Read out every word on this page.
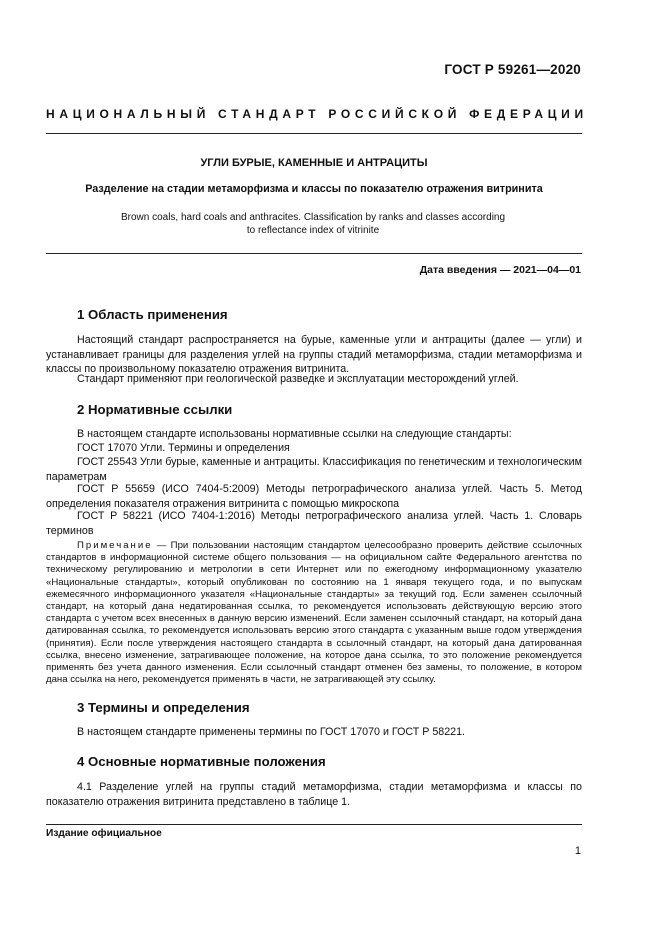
ГОСТ Р 59261—2020
НАЦИОНАЛЬНЫЙ СТАНДАРТ РОССИЙСКОЙ ФЕДЕРАЦИИ
УГЛИ БУРЫЕ, КАМЕННЫЕ И АНТРАЦИТЫ
Разделение на стадии метаморфизма и классы по показателю отражения витринита
Brown coals, hard coals and anthracites. Classification by ranks and classes according
to reflectance index of vitrinite
Дата введения — 2021—04—01
1 Область применения
Настоящий стандарт распространяется на бурые, каменные угли и антрациты (далее — угли) и устанавливает границы для разделения углей на группы стадий метаморфизма, стадии метаморфизма и классы по произвольному показателю отражения витринита.
Стандарт применяют при геологической разведке и эксплуатации месторождений углей.
2 Нормативные ссылки
В настоящем стандарте использованы нормативные ссылки на следующие стандарты:
ГОСТ 17070 Угли. Термины и определения
ГОСТ 25543 Угли бурые, каменные и антрациты. Классификация по генетическим и технологическим параметрам
ГОСТ Р 55659 (ИСО 7404-5:2009) Методы петрографического анализа углей. Часть 5. Метод определения показателя отражения витринита с помощью микроскопа
ГОСТ Р 58221 (ИСО 7404-1:2016) Методы петрографического анализа углей. Часть 1. Словарь терминов
Примечание — При пользовании настоящим стандартом целесообразно проверить действие ссылочных стандартов в информационной системе общего пользования — на официальном сайте Федерального агентства по техническому регулированию и метрологии в сети Интернет или по ежегодному информационному указателю «Национальные стандарты», который опубликован по состоянию на 1 января текущего года, и по выпускам ежемесячного информационного указателя «Национальные стандарты» за текущий год. Если заменен ссылочный стандарт, на который дана недатированная ссылка, то рекомендуется использовать действующую версию этого стандарта с учетом всех внесенных в данную версию изменений. Если заменен ссылочный стандарт, на который дана датированная ссылка, то рекомендуется использовать версию этого стандарта с указанным выше годом утверждения (принятия). Если после утверждения настоящего стандарта в ссылочный стандарт, на который дана датированная ссылка, внесено изменение, затрагивающее положение, на которое дана ссылка, то это положение рекомендуется применять без учета данного изменения. Если ссылочный стандарт отменен без замены, то положение, в котором дана ссылка на него, рекомендуется применять в части, не затрагивающей эту ссылку.
3 Термины и определения
В настоящем стандарте применены термины по ГОСТ 17070 и ГОСТ Р 58221.
4 Основные нормативные положения
4.1 Разделение углей на группы стадий метаморфизма, стадии метаморфизма и классы по показателю отражения витринита представлено в таблице 1.
Издание официальное
1
